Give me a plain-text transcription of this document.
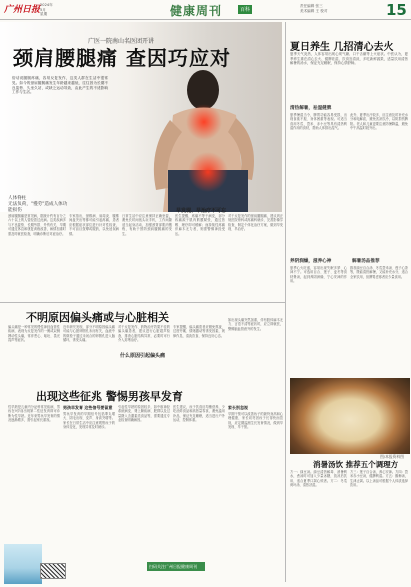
广州日报 2024年
5月
星期	健康周刊	百科
责任编辑 张三
美术编辑 王 校对	15
广医一院南山名医团开讲
颈肩腰腿痛 查因巧应对
俗话说腰腿疼痛，容易反复发作，这类人群在生活中很常见。如今的颈肩腰腿痛发生年龄越来越低，往往因为长期不良姿势、久坐久站，或缺乏运动导致，由此产生的不适影响工作与生活。
人体脊柱
无法负荷，"慢劳"造成人体功能损伤
颈肩腰腿痛是常见病，据统计约有百分之六十以上的人曾经患过此病。这类疾病多与不良姿势、长期劳损、外伤有关，早期可通过休息和康复训练改善，病情加重时需及时就医检查，明确诊断后对症治疗。
专家指出，颈椎病、肩周炎、腰椎间盘突出等都可能引起疼痛，患者应根据症状部位进行针对性检查，不可盲目按摩或服药，以免延误病情。
日常生活中应注意保持正确坐姿，避免长时间低头玩手机，工作间隙适当起身活动，加强颈背部肌肉锻炼，有助于预防颈肩腰腿痛的发生。
医生提醒，疼痛不等于病变，部分疼痛源于肌肉筋膜紧张，通过热敷、理疗即可缓解；而持续性疼痛伴麻木无力者，则需警惕神经受压。
早发现、早治疗不可忘
对于反复发作的颈肩腰腿痛，建议到正规医院骨科或疼痛科就诊，完善影像学检查，制定个体化治疗方案，做到早发现、早治疗。
夏日养生 几招清心去火
夏季天气炎热，人体容易出现心烦气躁、口干舌燥等上火症状。中医认为，夏季养生重在清心去火、健脾祛湿，饮食宜清淡，多吃新鲜蔬果，适量饮用清热解暑的汤水，保证充足睡眠，保持心情舒畅。
清热解暑，祛湿健脾
夏季暑湿当令，脾胃功能容易受损，出现食欲不振、身体困重等表现。可适当食用冬瓜、薏米、赤小豆等具有清热利湿作用的食材，帮助人体排出湿气。
此外，夏季出汗较多，应注意及时补充水分和电解质，避免贪凉饮冷，以防损伤脾阳。老人和儿童更要注意防暑降温，避免中午高温时段外出。
养阴润燥，滋养心神
夏季心火旺盛，容易出现失眠多梦、心神不宁。可选用百合、莲子、麦冬等食材煲汤，起到养阴润燥、宁心安神的作用。
解暑汤品推荐
推荐绿豆百合汤、冬瓜薏米汤、莲子心茶等，既能清热解暑，又能补充水分，适合全家饮用，但脾胃虚寒者应少量食用。
图/本报资料图
消暑汤饮 推荐五个调理方
方一：绿豆汤。绿豆清热解毒、消暑利水，煮汤时可加入少量冰糖，放凉后饮用，适合夏季口渴心烦者。方二：冬瓜荷叶汤，清热祛湿。
方三：莲子百合汤，养心安神。方四：薏米赤小豆汤，健脾利湿。方五：酸梅汤，生津止渴。以上汤品可根据个人体质选择饮用。
不明原因偏头痛或与心脏相关
偏头痛是一种常见的慢性神经血管性疾病，表现为反复发作的一侧或双侧搏动性头痛，常伴恶心、呕吐、畏光畏声等症状。
近年研究发现，部分不明原因偏头痛可能与心脏卵圆孔未闭有关，血液中的微栓子通过未闭合的卵圆孔进入脑循环，诱发头痛。
什么原因引起偏头痛
对于反复发作、药物治疗效果不佳的偏头痛患者，建议进行心脏超声检查，排查心脏结构异常，必要时可行介入封堵治疗。
专家提醒，偏头痛患者应避免熬夜、过度劳累、情绪激动等诱发因素，规律作息，清淡饮食，保持良好心态。
如出现头痛突然加重，伴有肢体麻木无力、言语不清等症状时，应立即就医，警惕脑血管意外的发生。
出现这些征兆 警惕男孩早发育
性早熟是儿童内分泌科常见疾病，男孩在9岁前出现第二性征发育即可诊断为性早熟。近年来男孩早发育的情况逐渐增多，需引起家长重视。
男孩早发育 这些信号要留意
男孩早发育的早期信号包括睾丸增大、阴毛出现、变声、身高突增等。家长在日常生活中应注意观察孩子的身体变化，发现异常及时就诊。
引起性早熟的原因较多，如中枢神经系统病变、肾上腺疾病、肥胖以及过量摄入含激素类食品等，需要通过专业检查明确病因。
医生建议，孩子饮食应均衡营养，少吃油炸食品和高热量零食，避免滥用补品，保证充足睡眠，适当进行户外运动，控制体重。
家长别忽视
早期干预可以改善孩子的最终身高和心理健康，家长切勿因孩子长得快而忽视，应定期监测生长发育情况，做到早发现、早干预。
扫码关注广州日报健康周刊
